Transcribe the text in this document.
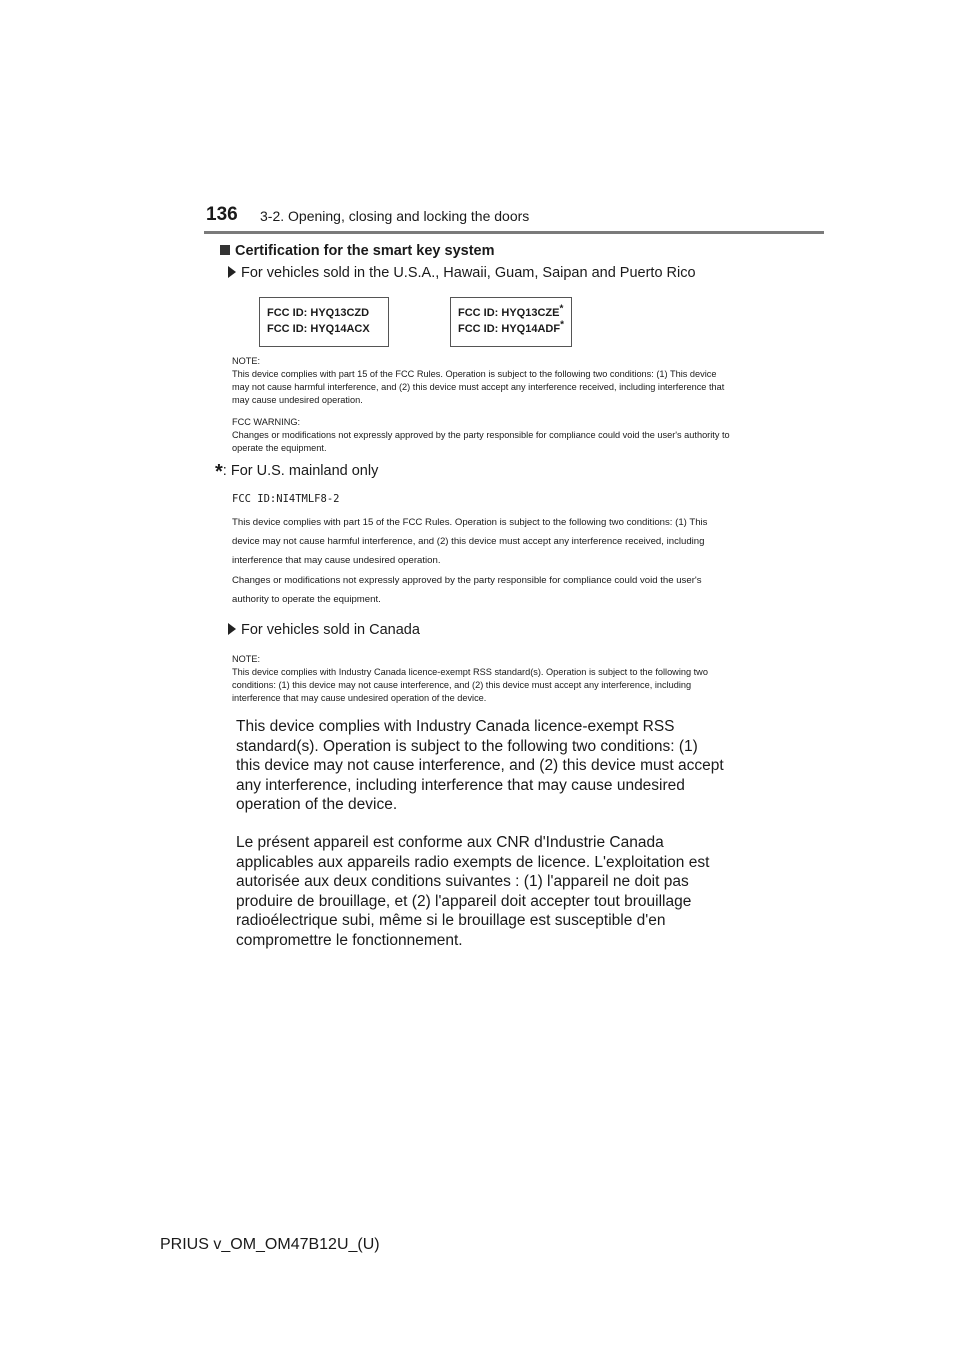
136 3-2. Opening, closing and locking the doors
Certification for the smart key system
For vehicles sold in the U.S.A., Hawaii, Guam, Saipan and Puerto Rico
FCC ID: HYQ13CZD
FCC ID: HYQ14ACX
FCC ID: HYQ13CZE*
FCC ID: HYQ14ADF*
NOTE:
This device complies with part 15 of the FCC Rules. Operation is subject to the following two conditions: (1) This device may not cause harmful interference, and (2) this device must accept any interference received, including interference that may cause undesired operation.
FCC WARNING:
Changes or modifications not expressly approved by the party responsible for compliance could void the user's authority to operate the equipment.
*: For U.S. mainland only
FCC ID:NI4TMLF8-2
This device complies with part 15 of the FCC Rules. Operation is subject to the following two conditions: (1) This device may not cause harmful interference, and (2) this device must accept any interference received, including interference that may cause undesired operation.
Changes or modifications not expressly approved by the party responsible for compliance could void the user's authority to operate the equipment.
For vehicles sold in Canada
NOTE:
This device complies with Industry Canada licence-exempt RSS standard(s). Operation is subject to the following two conditions: (1) this device may not cause interference, and (2) this device must accept any interference, including interference that may cause undesired operation of the device.
This device complies with Industry Canada licence-exempt RSS standard(s). Operation is subject to the following two conditions: (1) this device may not cause interference, and (2) this device must accept any interference, including interference that may cause undesired operation of the device.
Le présent appareil est conforme aux CNR d'Industrie Canada applicables aux appareils radio exempts de licence. L'exploitation est autorisée aux deux conditions suivantes : (1) l'appareil ne doit pas produire de brouillage, et (2) l'appareil doit accepter tout brouillage radioélectrique subi, même si le brouillage est susceptible d'en compromettre le fonctionnement.
PRIUS v_OM_OM47B12U_(U)
